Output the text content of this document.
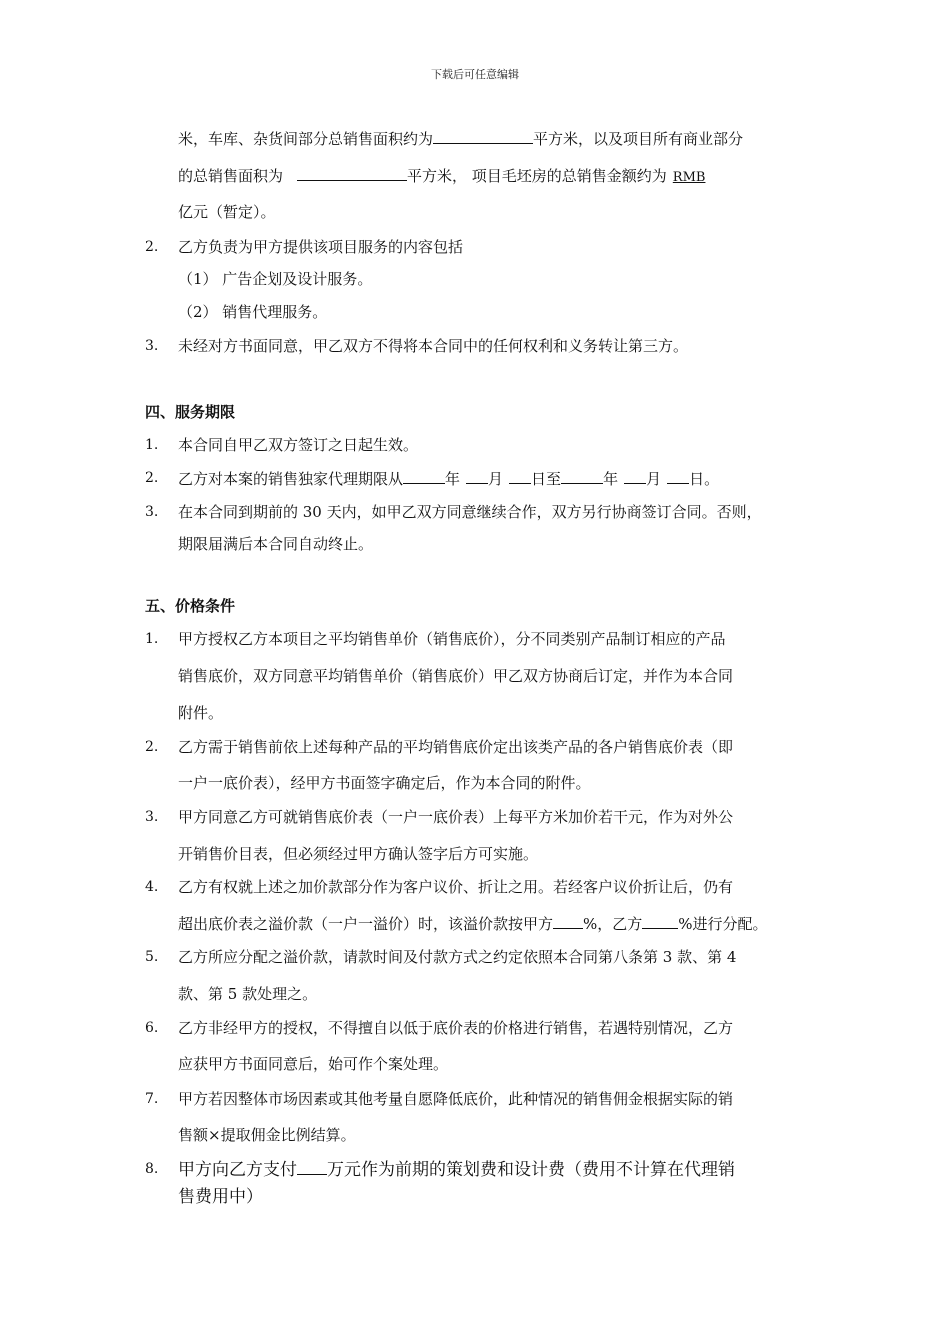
下载后可任意编辑
米，车库、杂货间部分总销售面积约为	平方米，以及项目所有商业部分
的总销售面积为	平方米， 项目毛坯房的总销售金额约为 RMB
亿元（暂定）。
2. 乙方负责为甲方提供该项目服务的内容包括
（1） 广告企划及设计服务。
（2） 销售代理服务。
3. 未经对方书面同意，甲乙双方不得将本合同中的任何权利和义务转让第三方。
四、服务期限
1. 本合同自甲乙双方签订之日起生效。
2. 乙方对本案的销售独家代理期限从	年 月 日至	年 月 日。
3. 在本合同到期前的 30 天内，如甲乙双方同意继续合作，双方另行协商签订合同。否则，
期限届满后本合同自动终止。
五、价格条件
1. 甲方授权乙方本项目之平均销售单价（销售底价），分不同类别产品制订相应的产品
销售底价，双方同意平均销售单价（销售底价）甲乙双方协商后订定，并作为本合同
附件。
2. 乙方需于销售前依上述每种产品的平均销售底价定出该类产品的各户销售底价表（即
一户一底价表），经甲方书面签字确定后，作为本合同的附件。
3. 甲方同意乙方可就销售底价表（一户一底价表）上每平方米加价若干元，作为对外公
开销售价目表，但必须经过甲方确认签字后方可实施。
4. 乙方有权就上述之加价款部分作为客户议价、折让之用。若经客户议价折让后，仍有
超出底价表之溢价款（一户一溢价）时，该溢价款按甲方 %，乙方 %进行分配。
5. 乙方所应分配之溢价款，请款时间及付款方式之约定依照本合同第八条第 3 款、第 4
款、第 5 款处理之。
6. 乙方非经甲方的授权，不得擅自以低于底价表的价格进行销售，若遇特别情况，乙方
应获甲方书面同意后，始可作个案处理。
7. 甲方若因整体市场因素或其他考量自愿降低底价，此种情况的销售佣金根据实际的销
售额×提取佣金比例结算。
8. 甲方向乙方支付 万元作为前期的策划费和设计费（费用不计算在代理销
售费用中）
